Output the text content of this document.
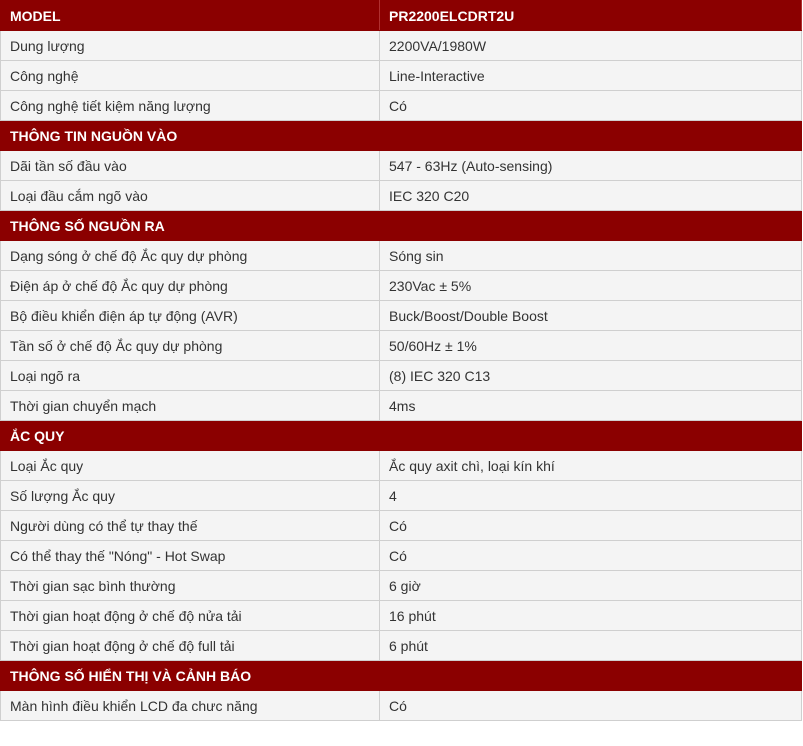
MODEL	PR2200ELCDRT2U
Dung lượng	2200VA/1980W
Công nghệ	Line-Interactive
Công nghệ tiết kiệm năng lượng	Có
THÔNG TIN NGUỒN VÀO	
Dãi tần số đầu vào	547 - 63Hz (Auto-sensing)
Loại đầu cắm ngõ vào	IEC 320 C20
THÔNG SỐ NGUỒN RA	
Dạng sóng ở chế độ Ắc quy dự phòng	Sóng sin
Điện áp ở chế độ Ắc quy dự phòng	230Vac ± 5%
Bộ điều khiển điện áp tự động (AVR)	Buck/Boost/Double Boost
Tần số ở chế độ Ắc quy dự phòng	50/60Hz ± 1%
Loại ngõ ra	(8) IEC 320 C13
Thời gian chuyển mạch	4ms
ẮC QUY	
Loại Ắc quy	Ắc quy axit chì, loại kín khí
Số lượng Ắc quy	4
Người dùng có thể tự thay thế	Có
Có thể thay thế "Nóng" - Hot Swap	Có
Thời gian sạc bình thường	6 giờ
Thời gian hoạt động ở chế độ nửa tải	16 phút
Thời gian hoạt động ở chế độ full tải	6 phút
THÔNG SỐ HIỂN THỊ VÀ CẢNH BÁO	
Màn hình điều khiển LCD đa chưc năng	Có
